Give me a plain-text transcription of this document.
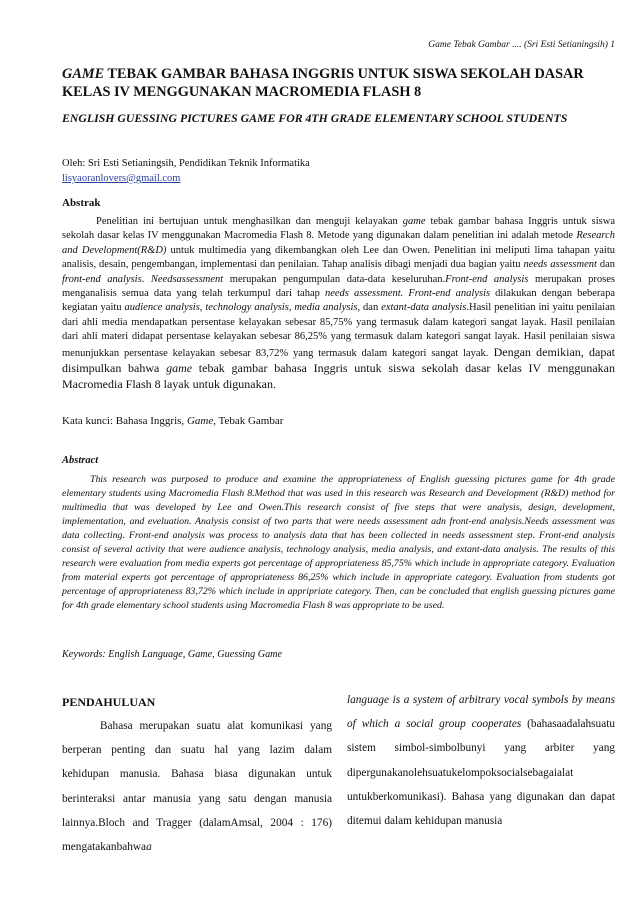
Game Tebak Gambar .... (Sri Esti Setianingsih) 1
GAME TEBAK GAMBAR BAHASA INGGRIS UNTUK SISWA SEKOLAH DASAR KELAS IV MENGGUNAKAN MACROMEDIA FLASH 8
ENGLISH GUESSING PICTURES GAME FOR 4TH GRADE ELEMENTARY SCHOOL STUDENTS
Oleh: Sri Esti Setianingsih, Pendidikan Teknik Informatika
lisyaoranlovers@gmail.com
Abstrak

Penelitian ini bertujuan untuk menghasilkan dan menguji kelayakan game tebak gambar bahasa Inggris untuk siswa sekolah dasar kelas IV menggunakan Macromedia Flash 8. Metode yang digunakan dalam penelitian ini adalah metode Research and Development(R&D) untuk multimedia yang dikembangkan oleh Lee dan Owen. Penelitian ini meliputi lima tahapan yaitu analisis, desain, pengembangan, implementasi dan penilaian. Tahap analisis dibagi menjadi dua bagian yaitu needs assessment dan front-end analysis. Needsassessment merupakan pengumpulan data-data keseluruhan.Front-end analysis merupakan proses menganalisis semua data yang telah terkumpul dari tahap needs assessment. Front-end analysis dilakukan dengan beberapa kegiatan yaitu audience analysis, technology analysis, media analysis, dan extant-data analysis.Hasil penelitian ini yaitu penilaian dari ahli media mendapatkan persentase kelayakan sebesar 85,75% yang termasuk dalam kategori sangat layak. Hasil penilaian dari ahli materi didapat persentase kelayakan sebesar 86,25% yang termasuk dalam kategori sangat layak. Hasil penilaian siswa menunjukkan persentase kelayakan sebesar 83,72% yang termasuk dalam kategori sangat layak. Dengan demikian, dapat disimpulkan bahwa game tebak gambar bahasa Inggris untuk siswa sekolah dasar kelas IV menggunakan Macromedia Flash 8 layak untuk digunakan.

Kata kunci: Bahasa Inggris, Game, Tebak Gambar
Abstract

This research was purposed to produce and examine the appropriateness of English guessing pictures game for 4th grade elementary students using Macromedia Flash 8.Method that was used in this research was Research and Development (R&D) method for multimedia that was developed by Lee and Owen.This research consist of five steps that were analysis, design, development, implementation, and eveluation. Analysis consist of two parts that were needs assessment adn front-end analysis.Needs assessment was data collecting. Front-end analysis was process to analysis data that has been collected in needs assessment step. Front-end analysis consist of several activity that were audience analysis, technology analysis, media analysis, and extant-data analysis. The results of this research were evaluation from media experts got percentage of appropriateness 85,75% which include in appropriate category. Evaluation from material experts got percentage of appropriateness 86,25% which include in appropriate category. Evaluation from students got percentage of appropriateness 83,72% which include in appripriate category. Then, can be concluded that english guessing pictures game for 4th grade elementary school students using Macromedia Flash 8 was appropriate to be used.

Keywords: English Language, Game, Guessing Game
PENDAHULUAN

Bahasa merupakan suatu alat komunikasi yang berperan penting dan suatu hal yang lazim dalam kehidupan manusia. Bahasa biasa digunakan untuk berinteraksi antar manusia yang satu dengan manusia lainnya.Bloch and Tragger (dalamAmsal, 2004 : 176) mengatakanbahwaa

language is a system of arbitrary vocal symbols by means of which a social group cooperates (bahasaadalahsuatu sistem simbol-simbolbunyi yang arbiter yang dipergunakanolehsuatukelompoksocialsebagaialat untukberkomunikasi). Bahasa yang digunakan dan dapat ditemui dalam kehidupan manusia
